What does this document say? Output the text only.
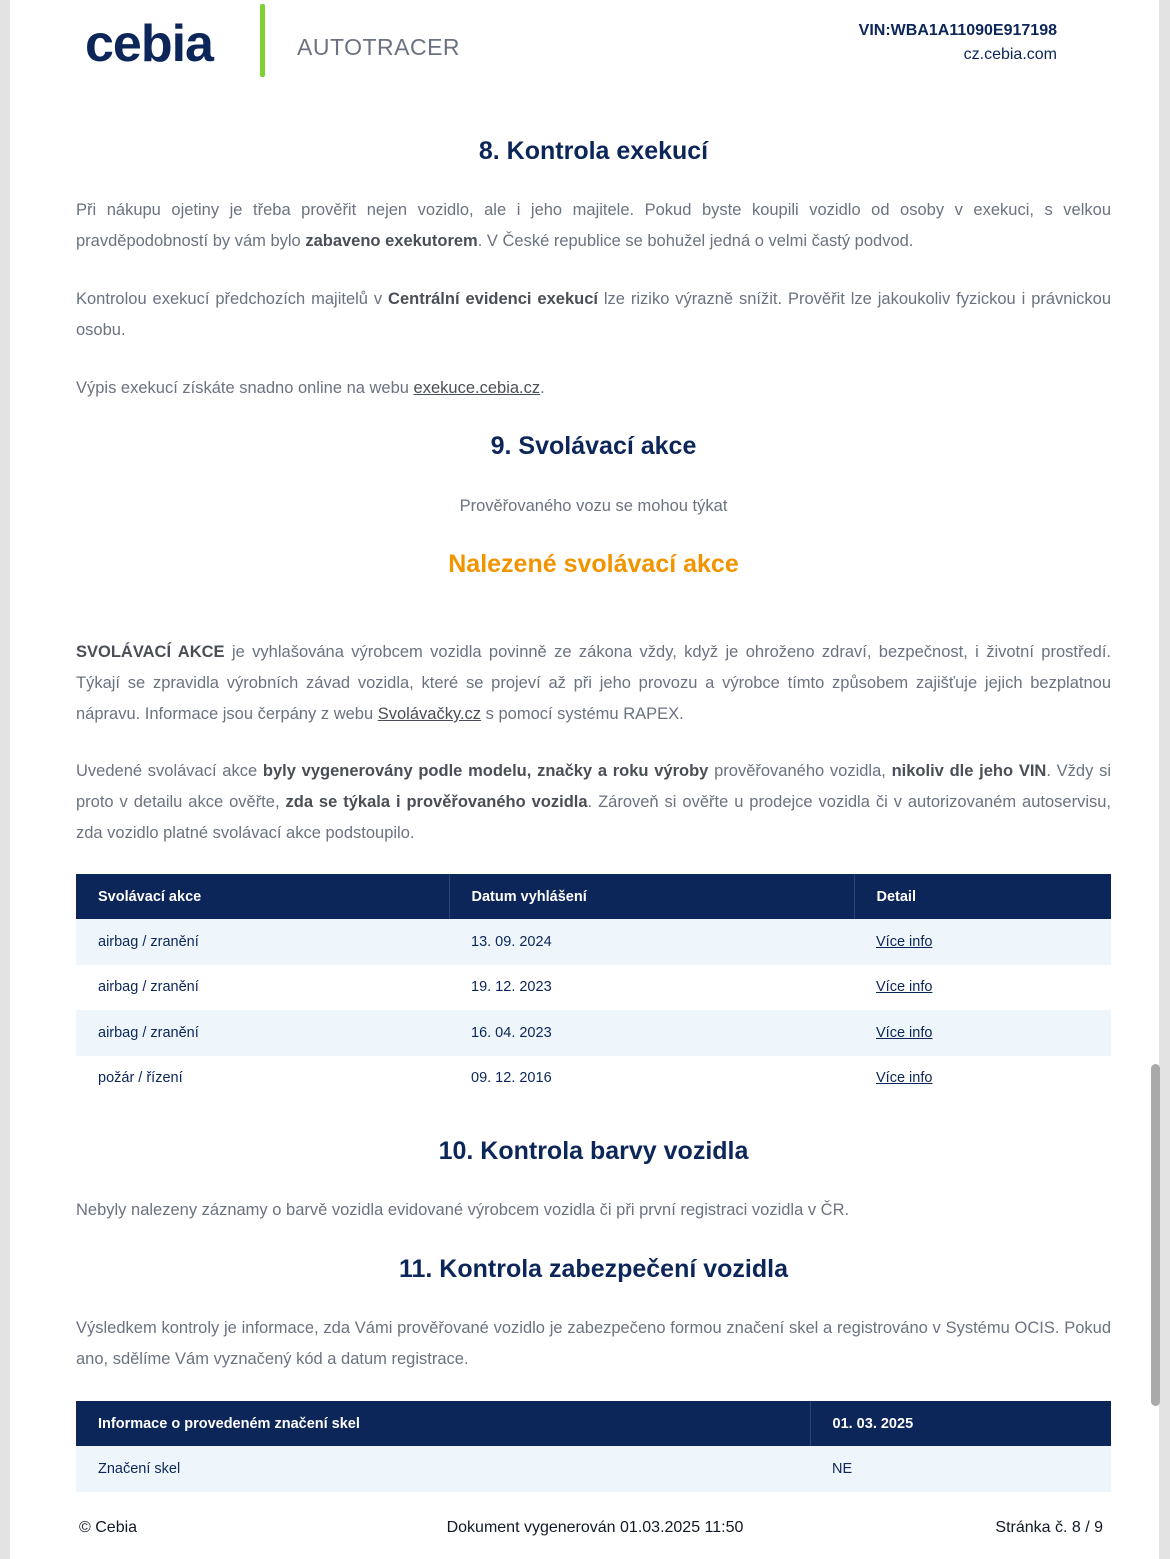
cebia	AUTOTRACER
VIN:WBA1A11090E917198
cz.cebia.com
8. Kontrola exekucí

Při nákupu ojetiny je třeba prověřit nejen vozidlo, ale i jeho majitele. Pokud byste koupili vozidlo od osoby v exekuci, s velkou pravděpodobností by vám bylo zabaveno exekutorem. V České republice se bohužel jedná o velmi častý podvod.

Kontrolou exekucí předchozích majitelů v Centrální evidenci exekucí lze riziko výrazně snížit. Prověřit lze jakoukoliv fyzickou i právnickou osobu.

Výpis exekucí získáte snadno online na webu exekuce.cebia.cz.

9. Svolávací akce

Prověřovaného vozu se mohou týkat

Nalezené svolávací akce

SVOLÁVACÍ AKCE je vyhlašována výrobcem vozidla povinně ze zákona vždy, když je ohroženo zdraví, bezpečnost, i životní prostředí. Týkají se zpravidla výrobních závad vozidla, které se projeví až při jeho provozu a výrobce tímto způsobem zajišťuje jejich bezplatnou nápravu. Informace jsou čerpány z webu Svolávačky.cz s pomocí systému RAPEX.

Uvedené svolávací akce byly vygenerovány podle modelu, značky a roku výroby prověřovaného vozidla, nikoliv dle jeho VIN. Vždy si proto v detailu akce ověřte, zda se týkala i prověřovaného vozidla. Zároveň si ověřte u prodejce vozidla či v autorizovaném autoservisu, zda vozidlo platné svolávací akce podstoupilo.

Svolávací akce	Datum vyhlášení	Detail
airbag / zranění	13. 09. 2024	Více info
airbag / zranění	19. 12. 2023	Více info
airbag / zranění	16. 04. 2023	Více info
požár / řízení	09. 12. 2016	Více info
10. Kontrola barvy vozidla

Nebyly nalezeny záznamy o barvě vozidla evidované výrobcem vozidla či při první registraci vozidla v ČR.

11. Kontrola zabezpečení vozidla

Výsledkem kontroly je informace, zda Vámi prověřované vozidlo je zabezpečeno formou značení skel a registrováno v Systému OCIS. Pokud ano, sdělíme Vám vyznačený kód a datum registrace.

Informace o provedeném značení skel	01. 03. 2025
Značení skel	NE
© Cebia	Dokument vygenerován 01.03.2025 11:50	Stránka č. 8 / 9
